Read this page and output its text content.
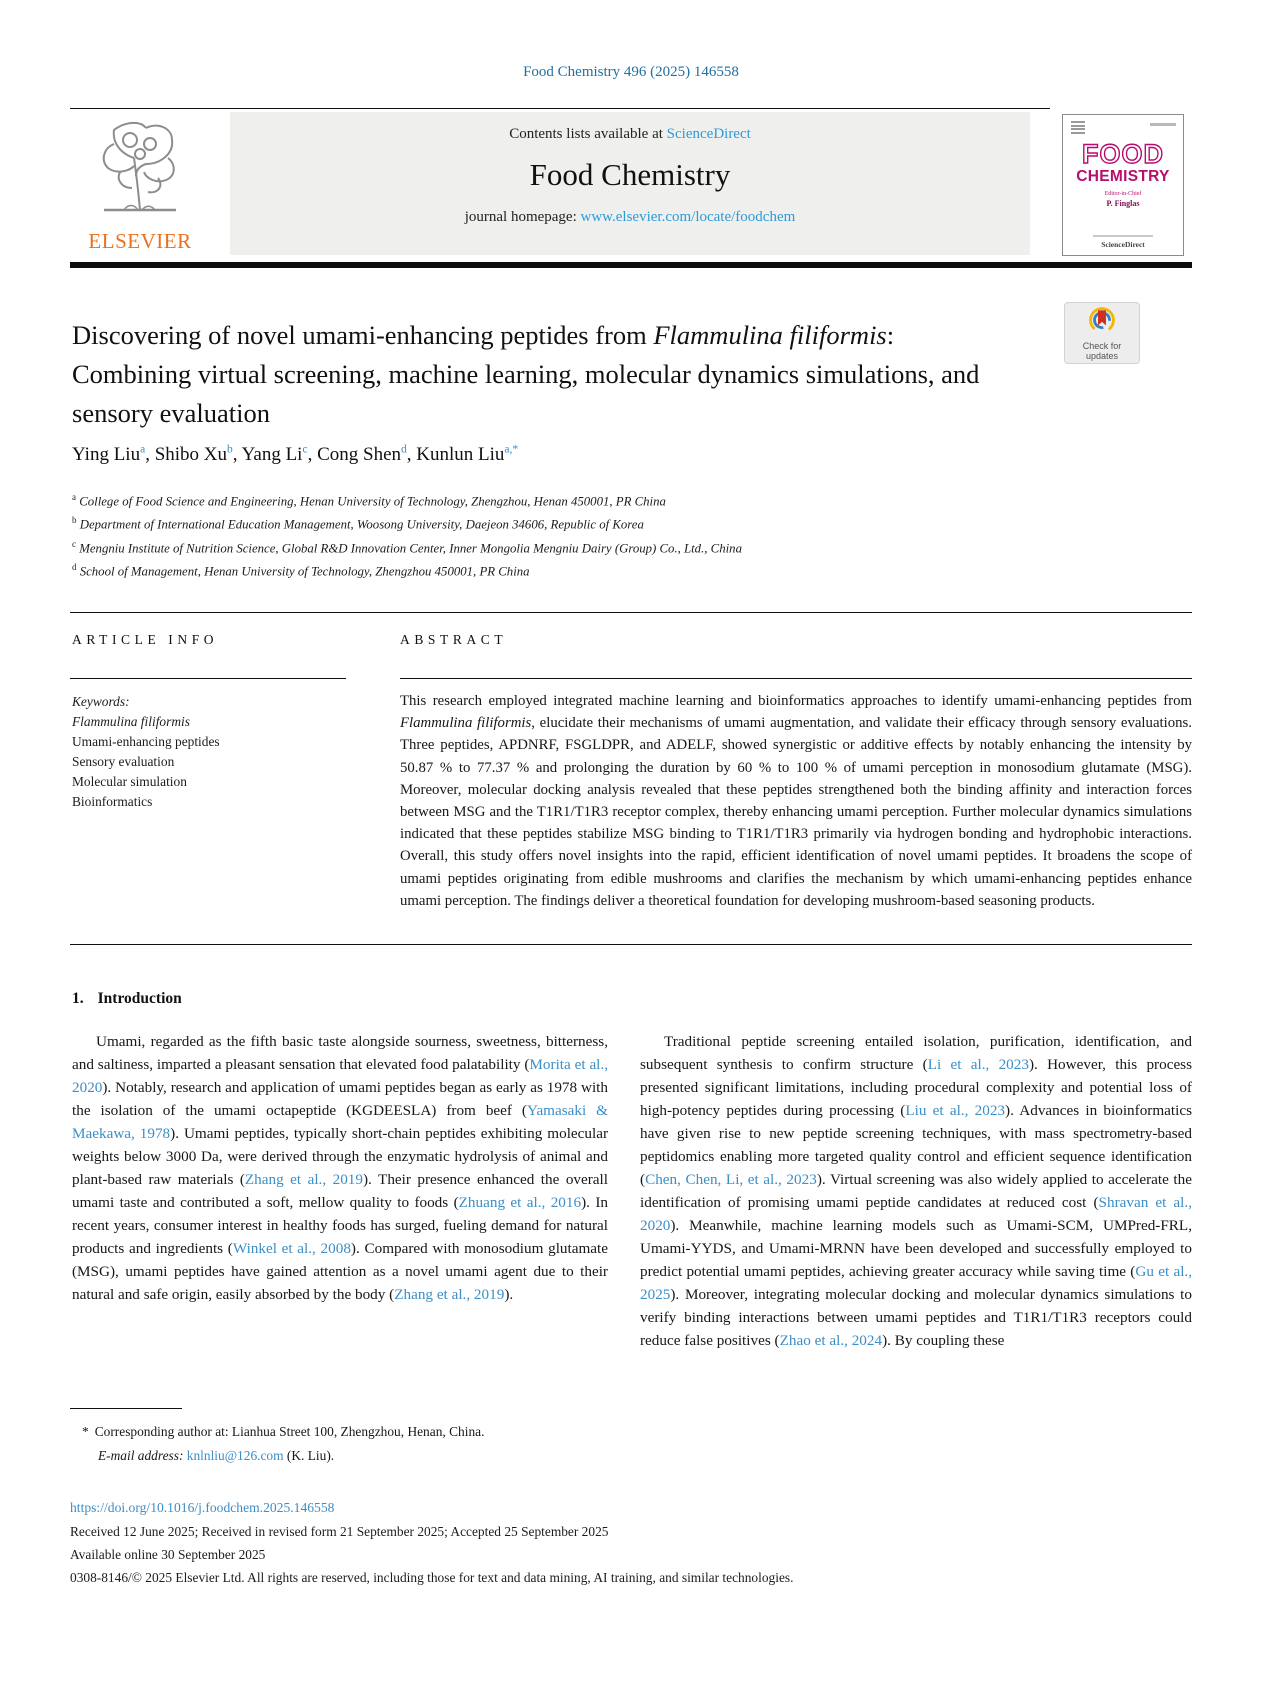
Food Chemistry 496 (2025) 146558
ELSEVIER
Contents lists available at ScienceDirect
Food Chemistry
journal homepage: www.elsevier.com/locate/foodchem
FOOD
CHEMISTRY
Editor-in-Chief
P. Finglas
ScienceDirect
Discovering of novel umami-enhancing peptides from Flammulina filiformis: Combining virtual screening, machine learning, molecular dynamics simulations, and sensory evaluation
Check for
updates
Ying Liu$^a$, Shibo Xu$^b$, Yang Li$^c$, Cong Shen$^d$, Kunlun Liu$^{a,*}$
$^a$ College of Food Science and Engineering, Henan University of Technology, Zhengzhou, Henan 450001, PR China
$^b$ Department of International Education Management, Woosong University, Daejeon 34606, Republic of Korea
$^c$ Mengniu Institute of Nutrition Science, Global R&D Innovation Center, Inner Mongolia Mengniu Dairy (Group) Co., Ltd., China
$^d$ School of Management, Henan University of Technology, Zhengzhou 450001, PR China
ARTICLE INFO	ABSTRACT
Keywords:
Flammulina filiformis
Umami-enhancing peptides
Sensory evaluation
Molecular simulation
Bioinformatics
This research employed integrated machine learning and bioinformatics approaches to identify umami-enhancing peptides from Flammulina filiformis, elucidate their mechanisms of umami augmentation, and validate their efficacy through sensory evaluations. Three peptides, APDNRF, FSGLDPR, and ADELF, showed synergistic or additive effects by notably enhancing the intensity by 50.87 % to 77.37 % and prolonging the duration by 60 % to 100 % of umami perception in monosodium glutamate (MSG). Moreover, molecular docking analysis revealed that these peptides strengthened both the binding affinity and interaction forces between MSG and the T1R1/T1R3 receptor complex, thereby enhancing umami perception. Further molecular dynamics simulations indicated that these peptides stabilize MSG binding to T1R1/T1R3 primarily via hydrogen bonding and hydrophobic interactions. Overall, this study offers novel insights into the rapid, efficient identification of novel umami peptides. It broadens the scope of umami peptides originating from edible mushrooms and clarifies the mechanism by which umami-enhancing peptides enhance umami perception. The findings deliver a theoretical foundation for developing mushroom-based seasoning products.
1. Introduction

Umami, regarded as the fifth basic taste alongside sourness, sweetness, bitterness, and saltiness, imparted a pleasant sensation that elevated food palatability (Morita et al., 2020). Notably, research and application of umami peptides began as early as 1978 with the isolation of the umami octapeptide (KGDEESLA) from beef (Yamasaki & Maekawa, 1978). Umami peptides, typically short-chain peptides exhibiting molecular weights below 3000 Da, were derived through the enzymatic hydrolysis of animal and plant-based raw materials (Zhang et al., 2019). Their presence enhanced the overall umami taste and contributed a soft, mellow quality to foods (Zhuang et al., 2016). In recent years, consumer interest in healthy foods has surged, fueling demand for natural products and ingredients (Winkel et al., 2008). Compared with monosodium glutamate (MSG), umami peptides have gained attention as a novel umami agent due to their natural and safe origin, easily absorbed by the body (Zhang et al., 2019).

Traditional peptide screening entailed isolation, purification, identification, and subsequent synthesis to confirm structure (Li et al., 2023). However, this process presented significant limitations, including procedural complexity and potential loss of high-potency peptides during processing (Liu et al., 2023). Advances in bioinformatics have given rise to new peptide screening techniques, with mass spectrometry-based peptidomics enabling more targeted quality control and efficient sequence identification (Chen, Chen, Li, et al., 2023). Virtual screening was also widely applied to accelerate the identification of promising umami peptide candidates at reduced cost (Shravan et al., 2020). Meanwhile, machine learning models such as Umami-SCM, UMPred-FRL, Umami-YYDS, and Umami-MRNN have been developed and successfully employed to predict potential umami peptides, achieving greater accuracy while saving time (Gu et al., 2025). Moreover, integrating molecular docking and molecular dynamics simulations to verify binding interactions between umami peptides and T1R1/T1R3 receptors could reduce false positives (Zhao et al., 2024). By coupling these

* Corresponding author at: Lianhua Street 100, Zhengzhou, Henan, China.
E-mail address: knlnliu@126.com (K. Liu).
https://doi.org/10.1016/j.foodchem.2025.146558
Received 12 June 2025; Received in revised form 21 September 2025; Accepted 25 September 2025
Available online 30 September 2025
0308-8146/© 2025 Elsevier Ltd. All rights are reserved, including those for text and data mining, AI training, and similar technologies.
